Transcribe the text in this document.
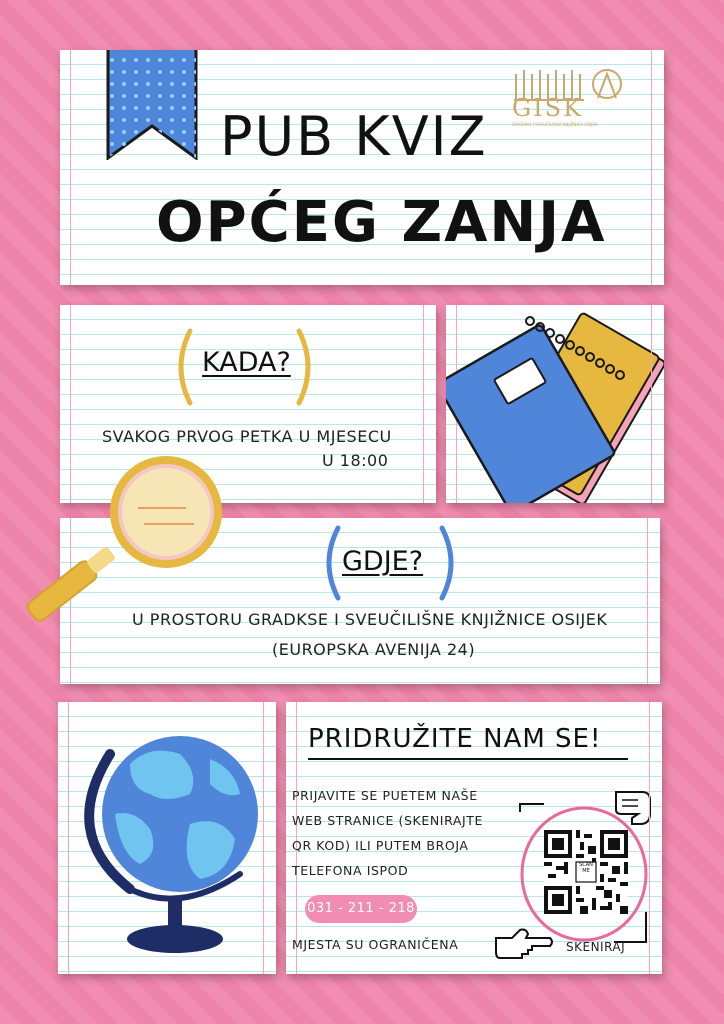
PUB KVIZ
OPĆEG ZANJA
GISK
GRADSKA I SVEUČILIŠNA KNJIŽNICA OSIJEK
KADA?
SVAKOG PRVOG PETKA U MJESECU
U 18:00
GDJE?
U PROSTORU GRADKSE I SVEUČILIŠNE KNJIŽNICE OSIJEK
(EUROPSKA AVENIJA 24)
PRIDRUŽITE NAM SE!
PRIJAVITE SE PUETEM NAŠE
WEB STRANICE (SKENIRAJTE
QR KOD) ILI PUTEM BROJA
TELEFONA ISPOD
MJESTA SU OGRANIČENA
SCAN ME
SKENIRAJ
031 - 211 - 218
